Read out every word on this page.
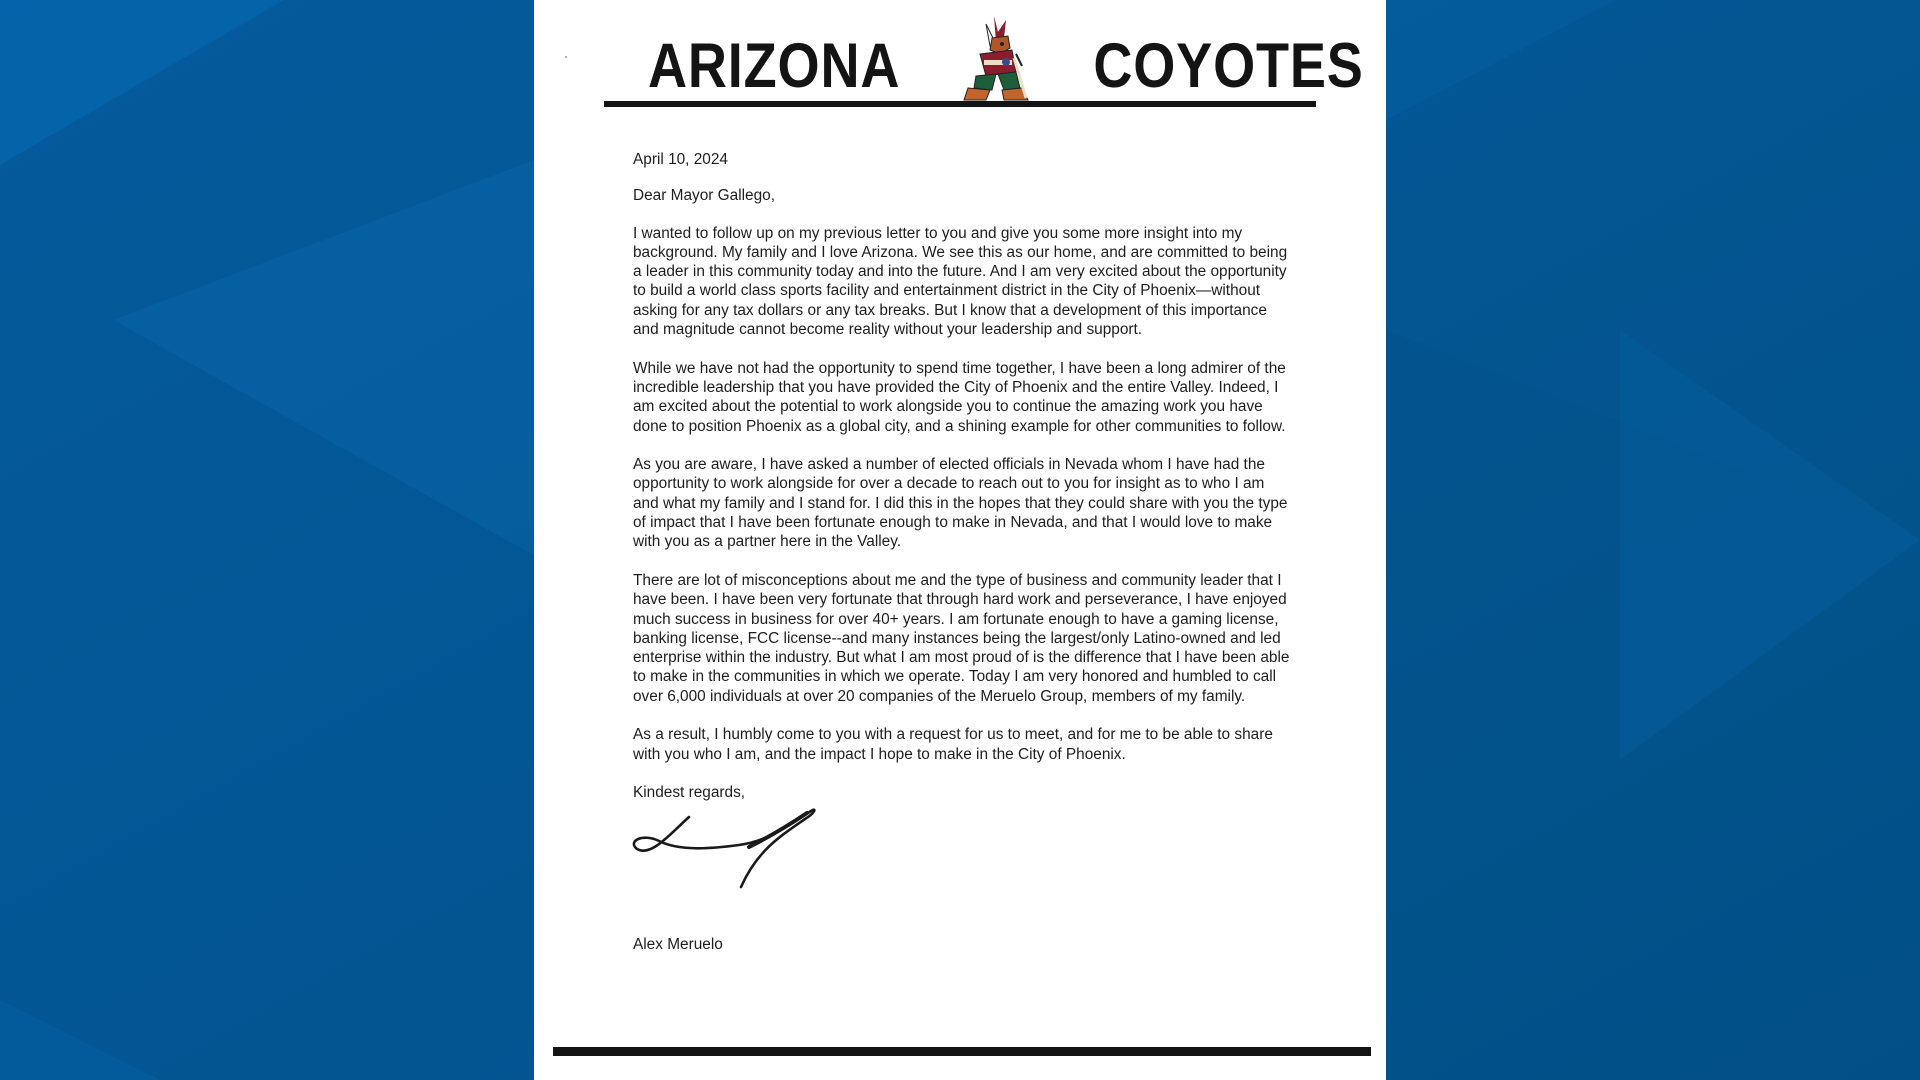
ARIZONA	COYOTES

April 10, 2024

Dear Mayor Gallego,

I wanted to follow up on my previous letter to you and give you some more insight into my background. My family and I love Arizona. We see this as our home, and are committed to being a leader in this community today and into the future. And I am very excited about the opportunity to build a world class sports facility and entertainment district in the City of Phoenix—without asking for any tax dollars or any tax breaks. But I know that a development of this importance and magnitude cannot become reality without your leadership and support.

While we have not had the opportunity to spend time together, I have been a long admirer of the incredible leadership that you have provided the City of Phoenix and the entire Valley. Indeed, I am excited about the potential to work alongside you to continue the amazing work you have done to position Phoenix as a global city, and a shining example for other communities to follow.

As you are aware, I have asked a number of elected officials in Nevada whom I have had the opportunity to work alongside for over a decade to reach out to you for insight as to who I am and what my family and I stand for. I did this in the hopes that they could share with you the type of impact that I have been fortunate enough to make in Nevada, and that I would love to make with you as a partner here in the Valley.

There are lot of misconceptions about me and the type of business and community leader that I have been. I have been very fortunate that through hard work and perseverance, I have enjoyed much success in business for over 40+ years. I am fortunate enough to have a gaming license, banking license, FCC license--and many instances being the largest/only Latino-owned and led enterprise within the industry. But what I am most proud of is the difference that I have been able to make in the communities in which we operate. Today I am very honored and humbled to call over 6,000 individuals at over 20 companies of the Meruelo Group, members of my family.

As a result, I humbly come to you with a request for us to meet, and for me to be able to share with you who I am, and the impact I hope to make in the City of Phoenix.

Kindest regards,

Alex Meruelo
